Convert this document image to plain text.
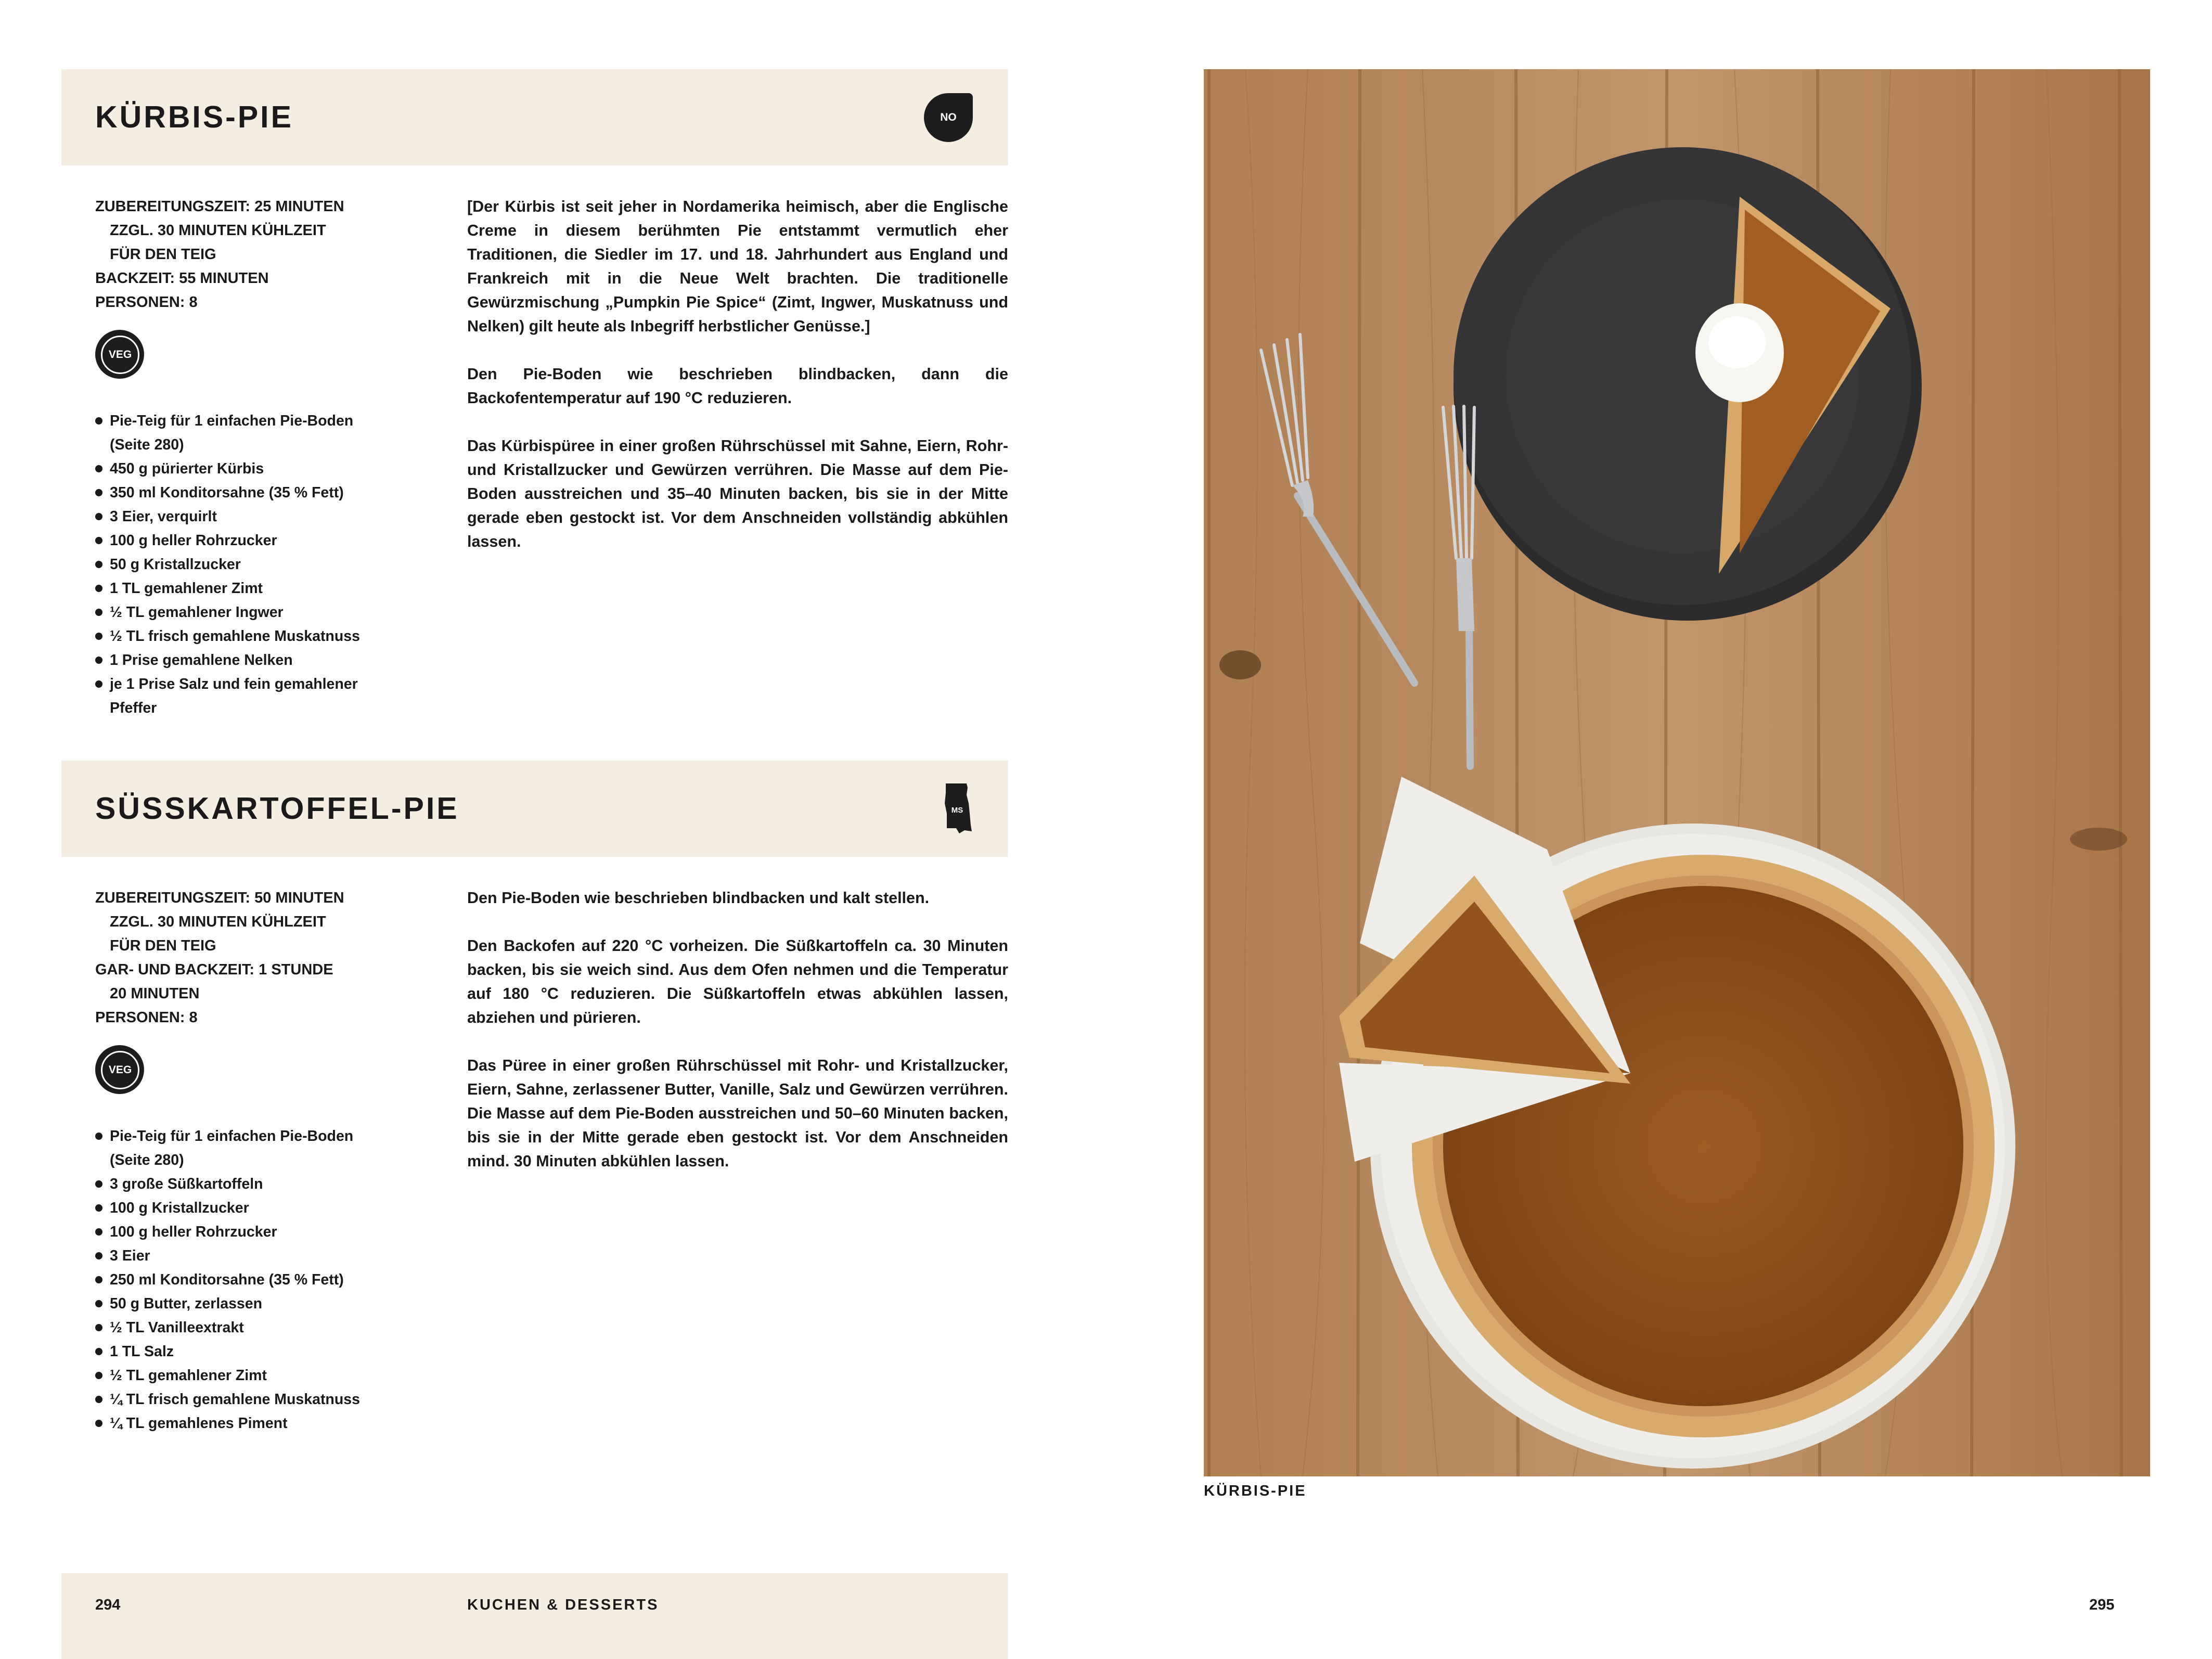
KÜRBIS-PIE	NO
ZUBEREITUNGSZEIT: 25 MINUTEN
ZZGL. 30 MINUTEN KÜHLZEIT
FÜR DEN TEIG
BACKZEIT: 55 MINUTEN
PERSONEN: 8
VEG
Pie-Teig für 1 einfachen Pie-Boden (Seite 280)
450 g pürierter Kürbis
350 ml Konditorsahne (35 % Fett)
3 Eier, verquirlt
100 g heller Rohrzucker
50 g Kristallzucker
1 TL gemahlener Zimt
½ TL gemahlener Ingwer
½ TL frisch gemahlene Muskatnuss
1 Prise gemahlene Nelken
je 1 Prise Salz und fein gemahlener Pfeffer

[Der Kürbis ist seit jeher in Nordamerika heimisch, aber die Englische Creme in diesem berühmten Pie entstammt vermutlich eher Traditionen, die Siedler im 17. und 18. Jahrhundert aus England und Frankreich mit in die Neue Welt brachten. Die traditionelle Gewürzmischung „Pumpkin Pie Spice“ (Zimt, Ingwer, Muskatnuss und Nelken) gilt heute als Inbegriff herbstlicher Genüsse.]

Den Pie-Boden wie beschrieben blindbacken, dann die Backofentemperatur auf 190 °C reduzieren.

Das Kürbispüree in einer großen Rührschüssel mit Sahne, Eiern, Rohr- und Kristallzucker und Gewürzen verrühren. Die Masse auf dem Pie-Boden ausstreichen und 35–40 Minuten backen, bis sie in der Mitte gerade eben gestockt ist. Vor dem Anschneiden vollständig abkühlen lassen.

SÜSSKARTOFFEL-PIE	MS
ZUBEREITUNGSZEIT: 50 MINUTEN
ZZGL. 30 MINUTEN KÜHLZEIT
FÜR DEN TEIG
GAR- UND BACKZEIT: 1 STUNDE
20 MINUTEN
PERSONEN: 8
VEG
Pie-Teig für 1 einfachen Pie-Boden (Seite 280)
3 große Süßkartoffeln
100 g Kristallzucker
100 g heller Rohrzucker
3 Eier
250 ml Konditorsahne (35 % Fett)
50 g Butter, zerlassen
½ TL Vanilleextrakt
1 TL Salz
½ TL gemahlener Zimt
¼ TL frisch gemahlene Muskatnuss
¼ TL gemahlenes Piment

Den Pie-Boden wie beschrieben blindbacken und kalt stellen.

Den Backofen auf 220 °C vorheizen. Die Süßkartoffeln ca. 30 Minuten backen, bis sie weich sind. Aus dem Ofen nehmen und die Temperatur auf 180 °C reduzieren. Die Süßkartoffeln etwas abkühlen lassen, abziehen und pürieren.

Das Püree in einer großen Rührschüssel mit Rohr- und Kristallzucker, Eiern, Sahne, zerlassener Butter, Vanille, Salz und Gewürzen verrühren. Die Masse auf dem Pie-Boden ausstreichen und 50–60 Minuten backen, bis sie in der Mitte gerade eben gestockt ist. Vor dem Anschneiden mind. 30 Minuten abkühlen lassen.

KÜRBIS-PIE
294	KUCHEN & DESSERTS	295
